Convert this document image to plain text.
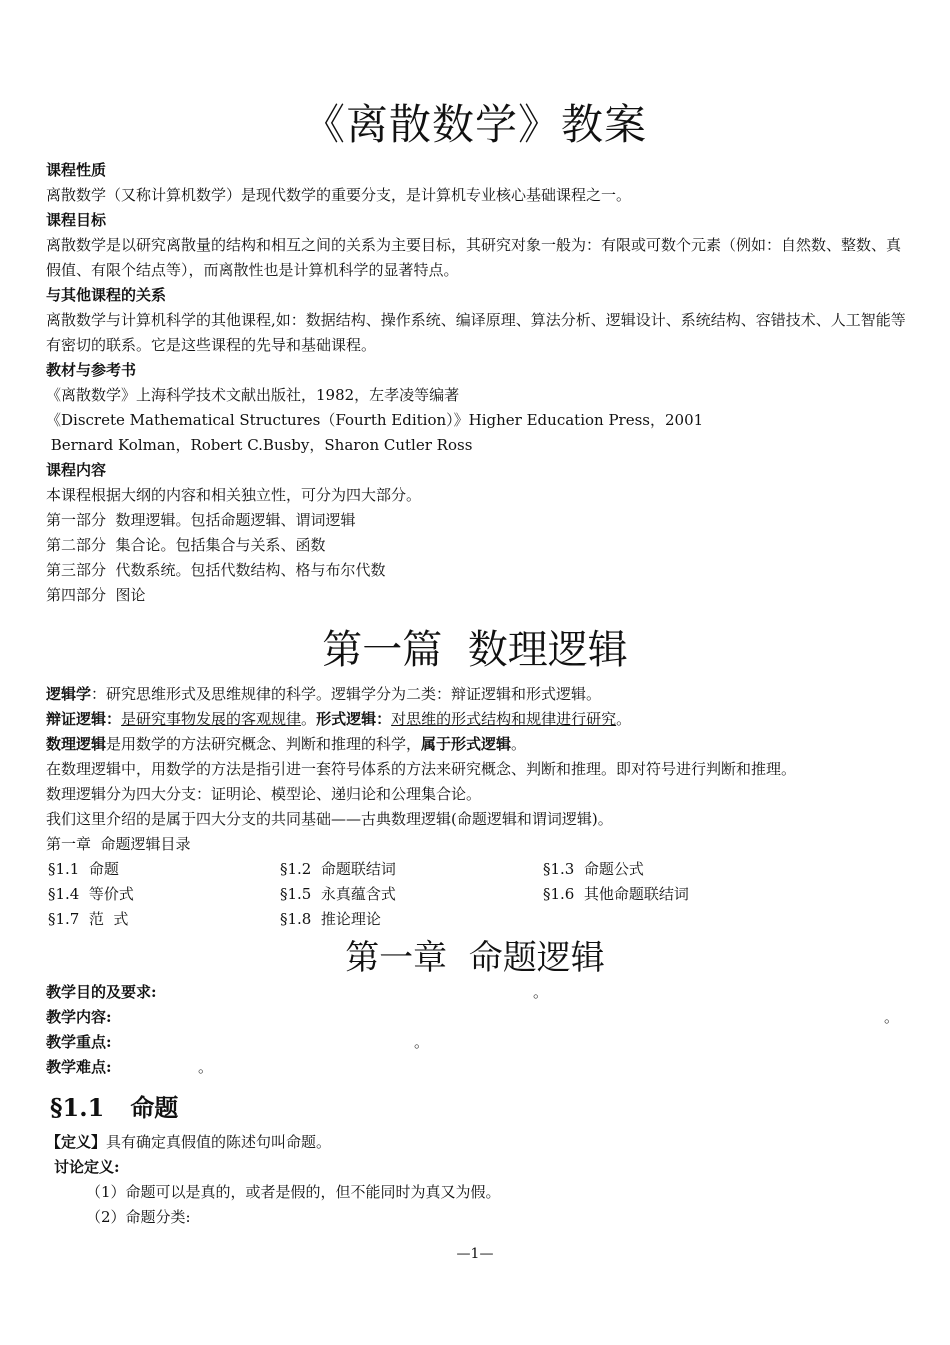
《离散数学》教案
课程性质
离散数学（又称计算机数学）是现代数学的重要分支，是计算机专业核心基础课程之一。
课程目标
离散数学是以研究离散量的结构和相互之间的关系为主要目标，其研究对象一般为：有限或可数个元素（例如：自然数、整数、真假值、有限个结点等），而离散性也是计算机科学的显著特点。
与其他课程的关系
离散数学与计算机科学的其他课程,如：数据结构、操作系统、编译原理、算法分析、逻辑设计、系统结构、容错技术、人工智能等有密切的联系。它是这些课程的先导和基础课程。
教材与参考书
《离散数学》上海科学技术文献出版社，1982，左孝凌等编著
《Discrete Mathematical Structures（Fourth Edition）》Higher Education Press，2001
Bernard Kolman，Robert C.Busby，Sharon Cutler Ross
课程内容
本课程根据大纲的内容和相关独立性，可分为四大部分。
第一部分  数理逻辑。包括命题逻辑、谓词逻辑
第二部分  集合论。包括集合与关系、函数
第三部分  代数系统。包括代数结构、格与布尔代数
第四部分  图论
第一篇  数理逻辑
逻辑学：研究思维形式及思维规律的科学。逻辑学分为二类：辩证逻辑和形式逻辑。
辩证逻辑：是研究事物发展的客观规律。形式逻辑：对思维的形式结构和规律进行研究。
数理逻辑是用数学的方法研究概念、判断和推理的科学，属于形式逻辑。
在数理逻辑中，用数学的方法是指引进一套符号体系的方法来研究概念、判断和推理。即对符号进行判断和推理。
数理逻辑分为四大分支：证明论、模型论、递归论和公理集合论。
我们这里介绍的是属于四大分支的共同基础——古典数理逻辑(命题逻辑和谓词逻辑)。
第一章  命题逻辑目录
§1.1  命题	§1.2  命题联结词	§1.3  命题公式
§1.4  等价式	§1.5  永真蕴含式	§1.6  其他命题联结词
§1.7  范  式	§1.8  推论理论
第一章  命题逻辑
教学目的及要求:	。
教学内容:	。
教学重点:	。
教学难点:	。
§1.1 命题
【定义】具有确定真假值的陈述句叫命题。
讨论定义:
（1）命题可以是真的，或者是假的，但不能同时为真又为假。
（2）命题分类:
—1—
